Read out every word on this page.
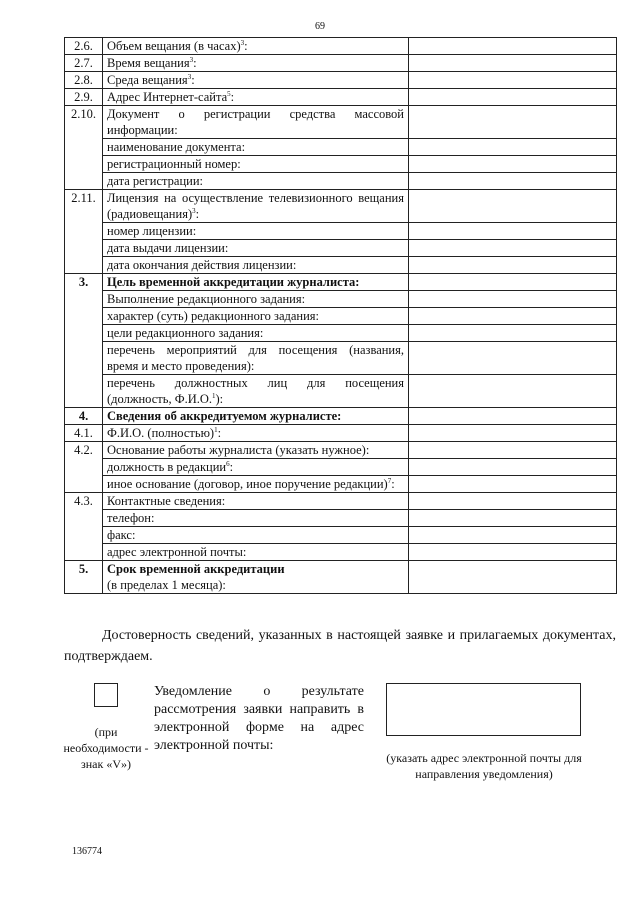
69
2.6.	Объем вещания (в часах)$^3$:	
2.7.	Время вещания$^3$:	
2.8.	Среда вещания$^3$:	
2.9.	Адрес Интернет-сайта$^5$:	
2.10.	Документ о регистрации средства массовой информации:	
	наименование документа:	
	регистрационный номер:	
	дата регистрации:	
2.11.	Лицензия на осуществление телевизионного вещания (радиовещания)$^3$:	
	номер лицензии:	
	дата выдачи лицензии:	
	дата окончания действия лицензии:	
3.	Цель временной аккредитации журналиста:	
	Выполнение редакционного задания:	
	характер (суть) редакционного задания:	
	цели редакционного задания:	
	перечень мероприятий для посещения (названия, время и место проведения):	
	перечень должностных лиц для посещения (должность, Ф.И.О.$^1$):	
4.	Сведения об аккредитуемом журналисте:	
4.1.	Ф.И.О. (полностью)$^1$:	
4.2.	Основание работы журналиста (указать нужное):	
	должность в редакции$^6$:	
	иное основание (договор, иное поручение редакции)$^7$:	
4.3.	Контактные сведения:	
	телефон:	
	факс:	
	адрес электронной почты:	
5.	Срок временной аккредитации
(в пределах 1 месяца):	

Достоверность сведений, указанных в настоящей заявке и прилагаемых документах, подтверждаем.

(при необходимости - знак «V»)

Уведомление о результате рассмотрения заявки направить в электронной форме на адрес электронной почты:

(указать адрес электронной почты для направления уведомления)
136774
